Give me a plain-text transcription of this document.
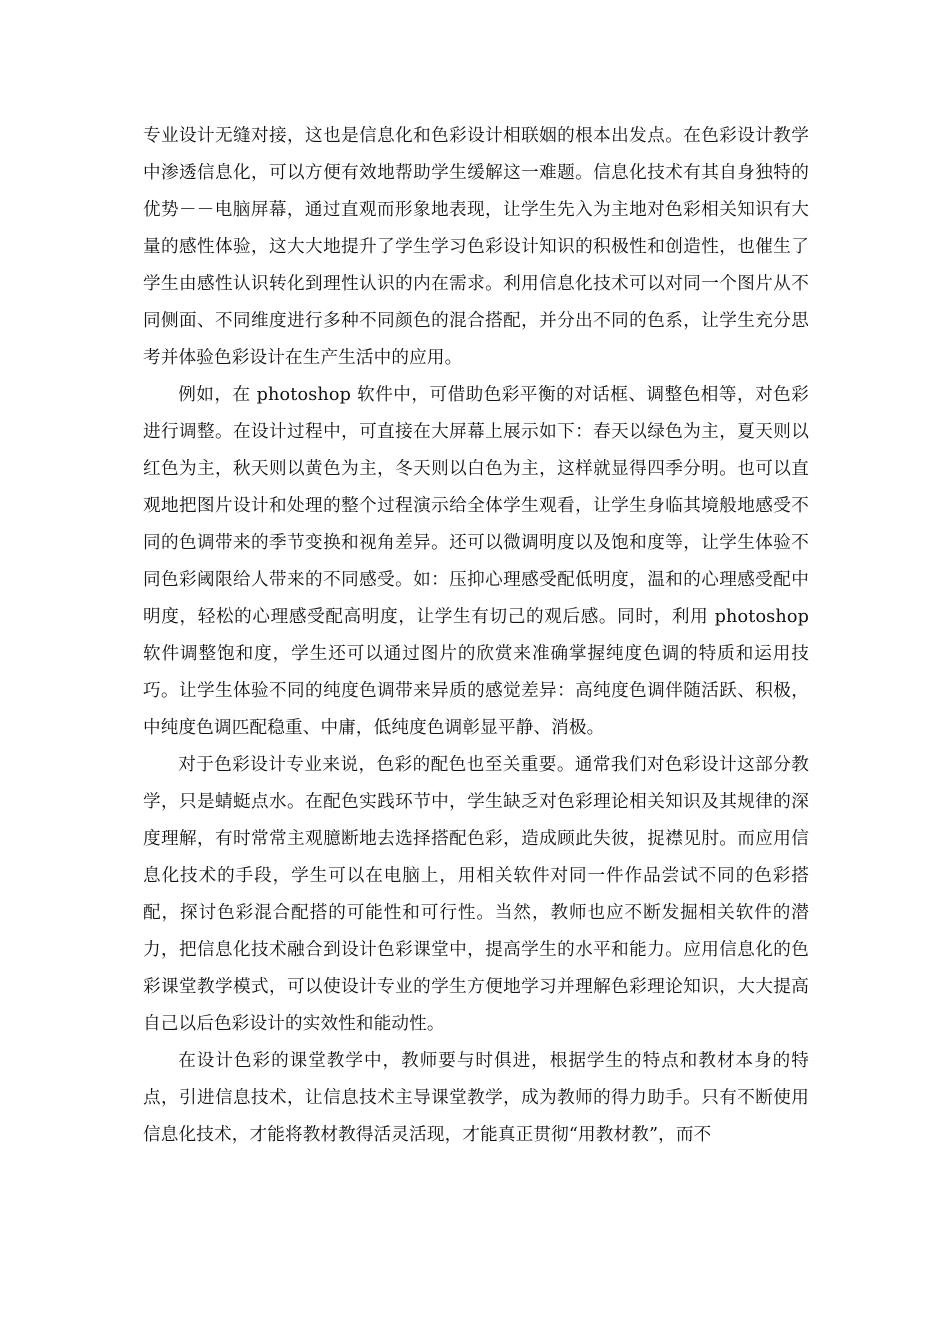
专业设计无缝对接，这也是信息化和色彩设计相联姻的根本出发点。在色彩设计教学中渗透信息化，可以方便有效地帮助学生缓解这一难题。信息化技术有其自身独特的优势－－电脑屏幕，通过直观而形象地表现，让学生先入为主地对色彩相关知识有大量的感性体验，这大大地提升了学生学习色彩设计知识的积极性和创造性，也催生了学生由感性认识转化到理性认识的内在需求。利用信息化技术可以对同一个图片从不同侧面、不同维度进行多种不同颜色的混合搭配，并分出不同的色系，让学生充分思考并体验色彩设计在生产生活中的应用。

例如，在 photoshop 软件中，可借助色彩平衡的对话框、调整色相等，对色彩进行调整。在设计过程中，可直接在大屏幕上展示如下：春天以绿色为主，夏天则以红色为主，秋天则以黄色为主，冬天则以白色为主，这样就显得四季分明。也可以直观地把图片设计和处理的整个过程演示给全体学生观看，让学生身临其境般地感受不同的色调带来的季节变换和视角差异。还可以微调明度以及饱和度等，让学生体验不同色彩阈限给人带来的不同感受。如：压抑心理感受配低明度，温和的心理感受配中明度，轻松的心理感受配高明度，让学生有切己的观后感。同时，利用 photoshop 软件调整饱和度，学生还可以通过图片的欣赏来准确掌握纯度色调的特质和运用技巧。让学生体验不同的纯度色调带来异质的感觉差异：高纯度色调伴随活跃、积极，中纯度色调匹配稳重、中庸，低纯度色调彰显平静、消极。

对于色彩设计专业来说，色彩的配色也至关重要。通常我们对色彩设计这部分教学，只是蜻蜓点水。在配色实践环节中，学生缺乏对色彩理论相关知识及其规律的深度理解，有时常常主观臆断地去选择搭配色彩，造成顾此失彼，捉襟见肘。而应用信息化技术的手段，学生可以在电脑上，用相关软件对同一件作品尝试不同的色彩搭配，探讨色彩混合配搭的可能性和可行性。当然，教师也应不断发掘相关软件的潜力，把信息化技术融合到设计色彩课堂中，提高学生的水平和能力。应用信息化的色彩课堂教学模式，可以使设计专业的学生方便地学习并理解色彩理论知识，大大提高自己以后色彩设计的实效性和能动性。

在设计色彩的课堂教学中，教师要与时俱进，根据学生的特点和教材本身的特点，引进信息技术，让信息技术主导课堂教学，成为教师的得力助手。只有不断使用信息化技术，才能将教材教得活灵活现，才能真正贯彻“用教材教”，而不
